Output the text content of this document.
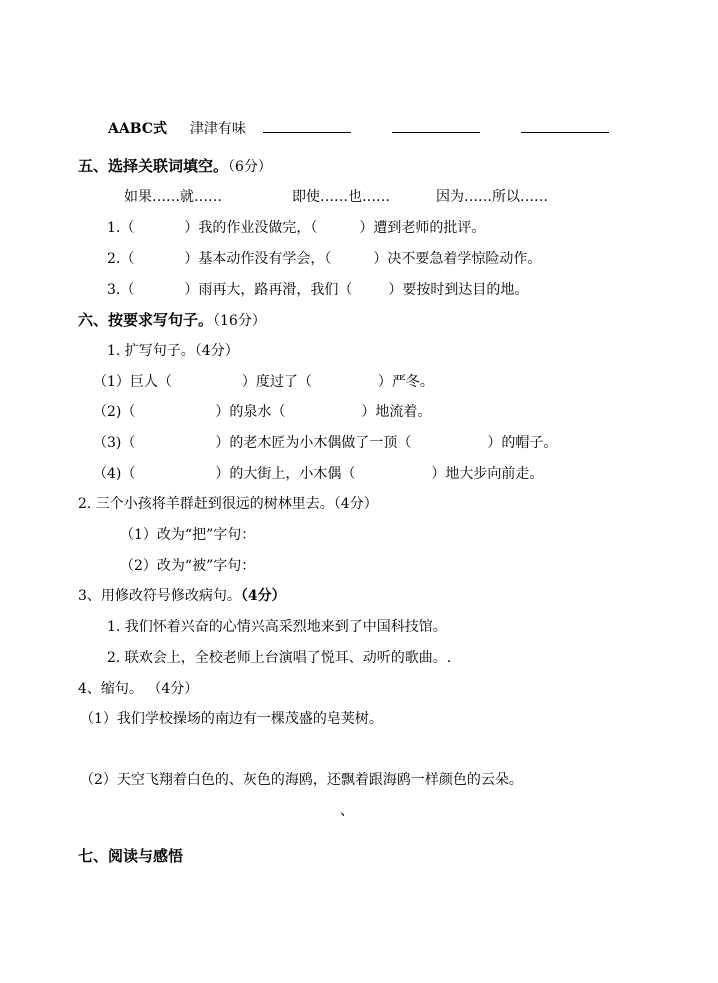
AABC式 津津有味
五、选择关联词填空。（6分）
如果……就……	即使……也……	因为……所以……
1.（	）我的作业没做完，（	）遭到老师的批评。
2.（	）基本动作没有学会，（	）决不要急着学惊险动作。
3.（	）雨再大，路再滑，我们（	）要按时到达目的地。
六、按要求写句子。（16分）
1. 扩写句子。（4分）
（1）巨人（	）度过了（	）严冬。
（2)（	）的泉水（	）地流着。
（3)（	）的老木匠为小木偶做了一顶（	）的帽子。
（4)（	）的大街上，小木偶（	）地大步向前走。
2. 三个小孩将羊群赶到很远的树林里去。（4分）
（1）改为“把”字句：
（2）改为“被”字句：
3、用修改符号修改病句。（4分）
1. 我们怀着兴奋的心情兴高采烈地来到了中国科技馆。
2. 联欢会上，全校老师上台演唱了悦耳、动听的歌曲。.
4、缩句。 （4分）
（1）我们学校操场的南边有一棵茂盛的皂荚树。
（2）天空飞翔着白色的、灰色的海鸥，还飘着跟海鸥一样颜色的云朵。
、
七、阅读与感悟
